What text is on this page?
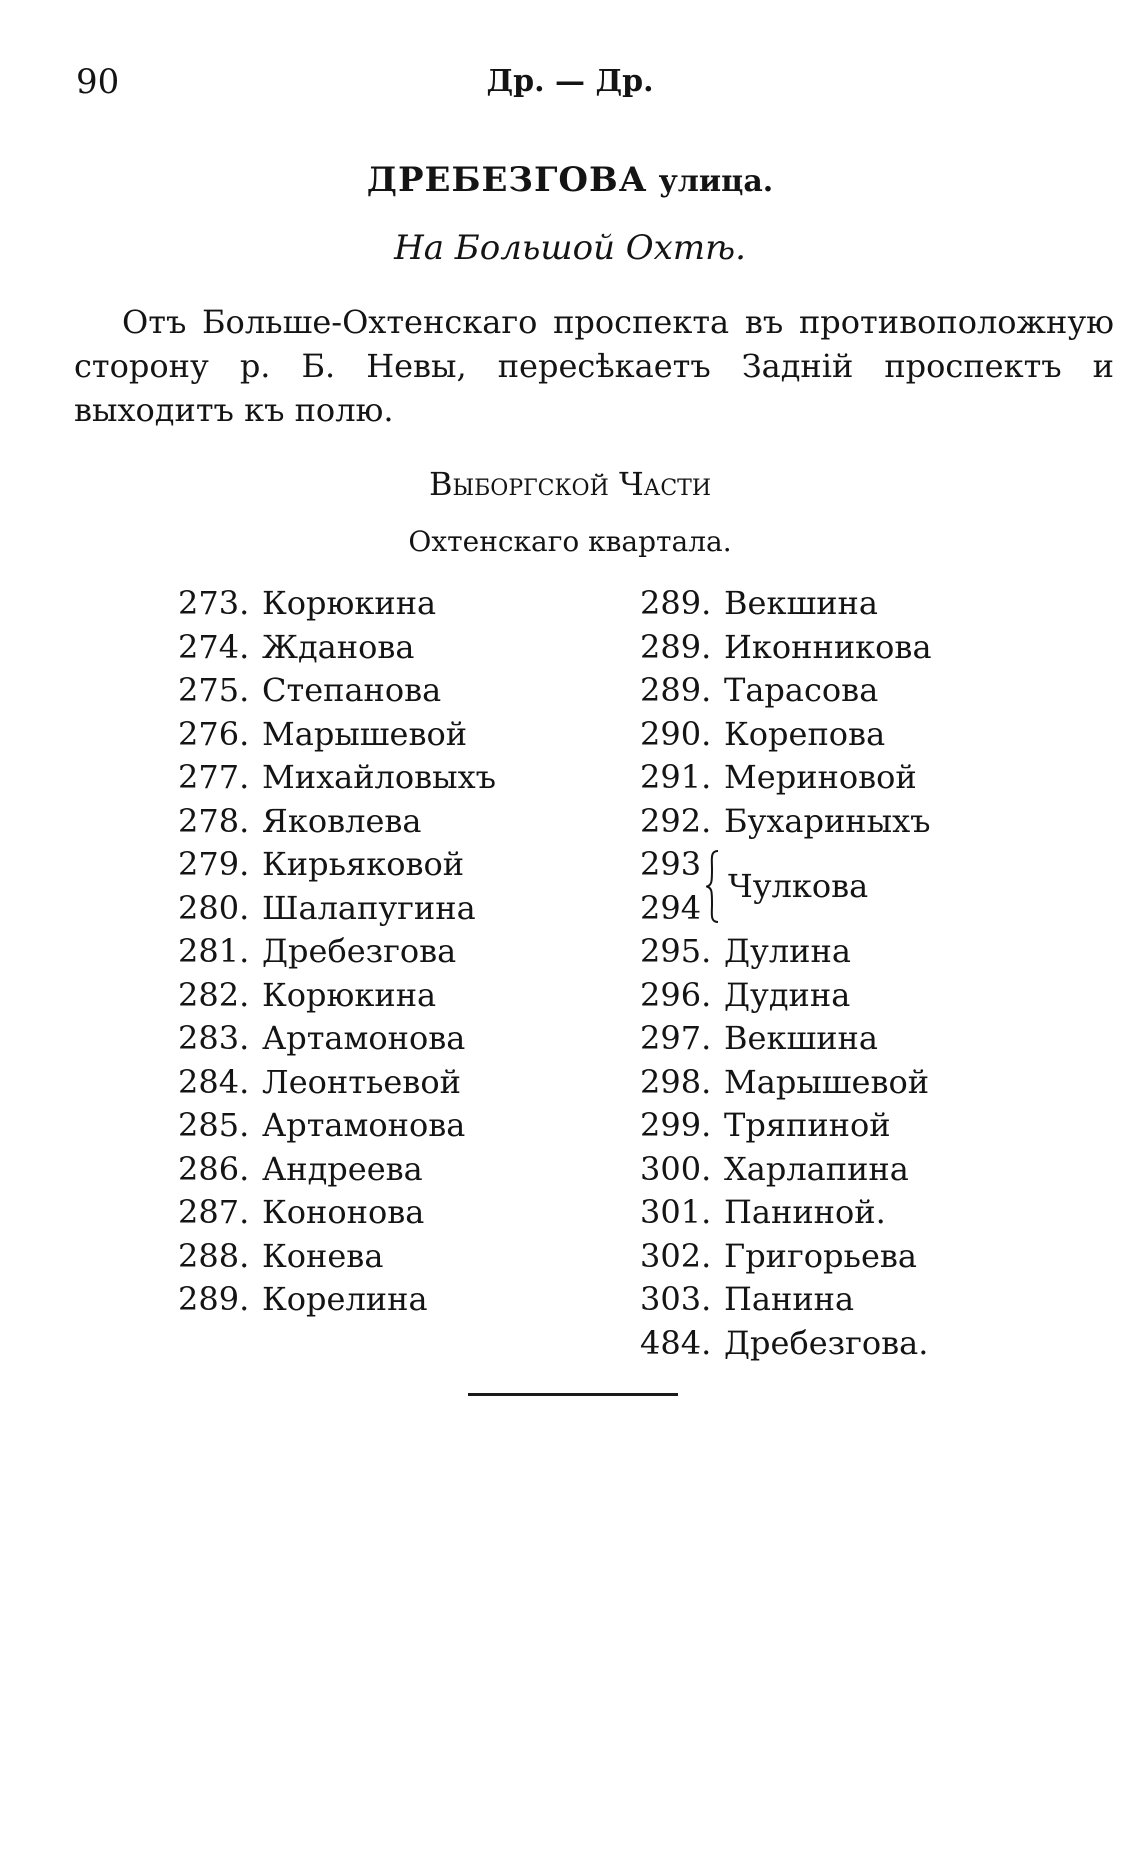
90	Др. — Др.
ДРЕБЕЗГОВА улица.
На Большой Охтѣ.

Отъ Больше-Охтенскаго проспекта въ противоположную сторону р. Б. Невы, пересѣкаетъ Заднiй проспектъ и выходитъ къ полю.

Выборгской Части
Охтенскаго квартала.
273. Корюкина
274. Жданова
275. Степанова
276. Марышевой
277. Михайловыхъ
278. Яковлева
279. Кирьяковой
280. Шалапугина
281. Дребезгова
282. Корюкина
283. Артамонова
284. Леонтьевой
285. Артамонова
286. Андреева
287. Кононова
288. Конева
289. Корелина
289. Векшина
289. Иконникова
289. Тарасова
290. Корепова
291. Мериновой
292. Бухариныхъ
293
294
Чулкова
295. Дулина
296. Дудина
297. Векшина
298. Марышевой
299. Тряпиной
300. Харлапина
301. Паниной.
302. Григорьева
303. Панина
484. Дребезгова.
